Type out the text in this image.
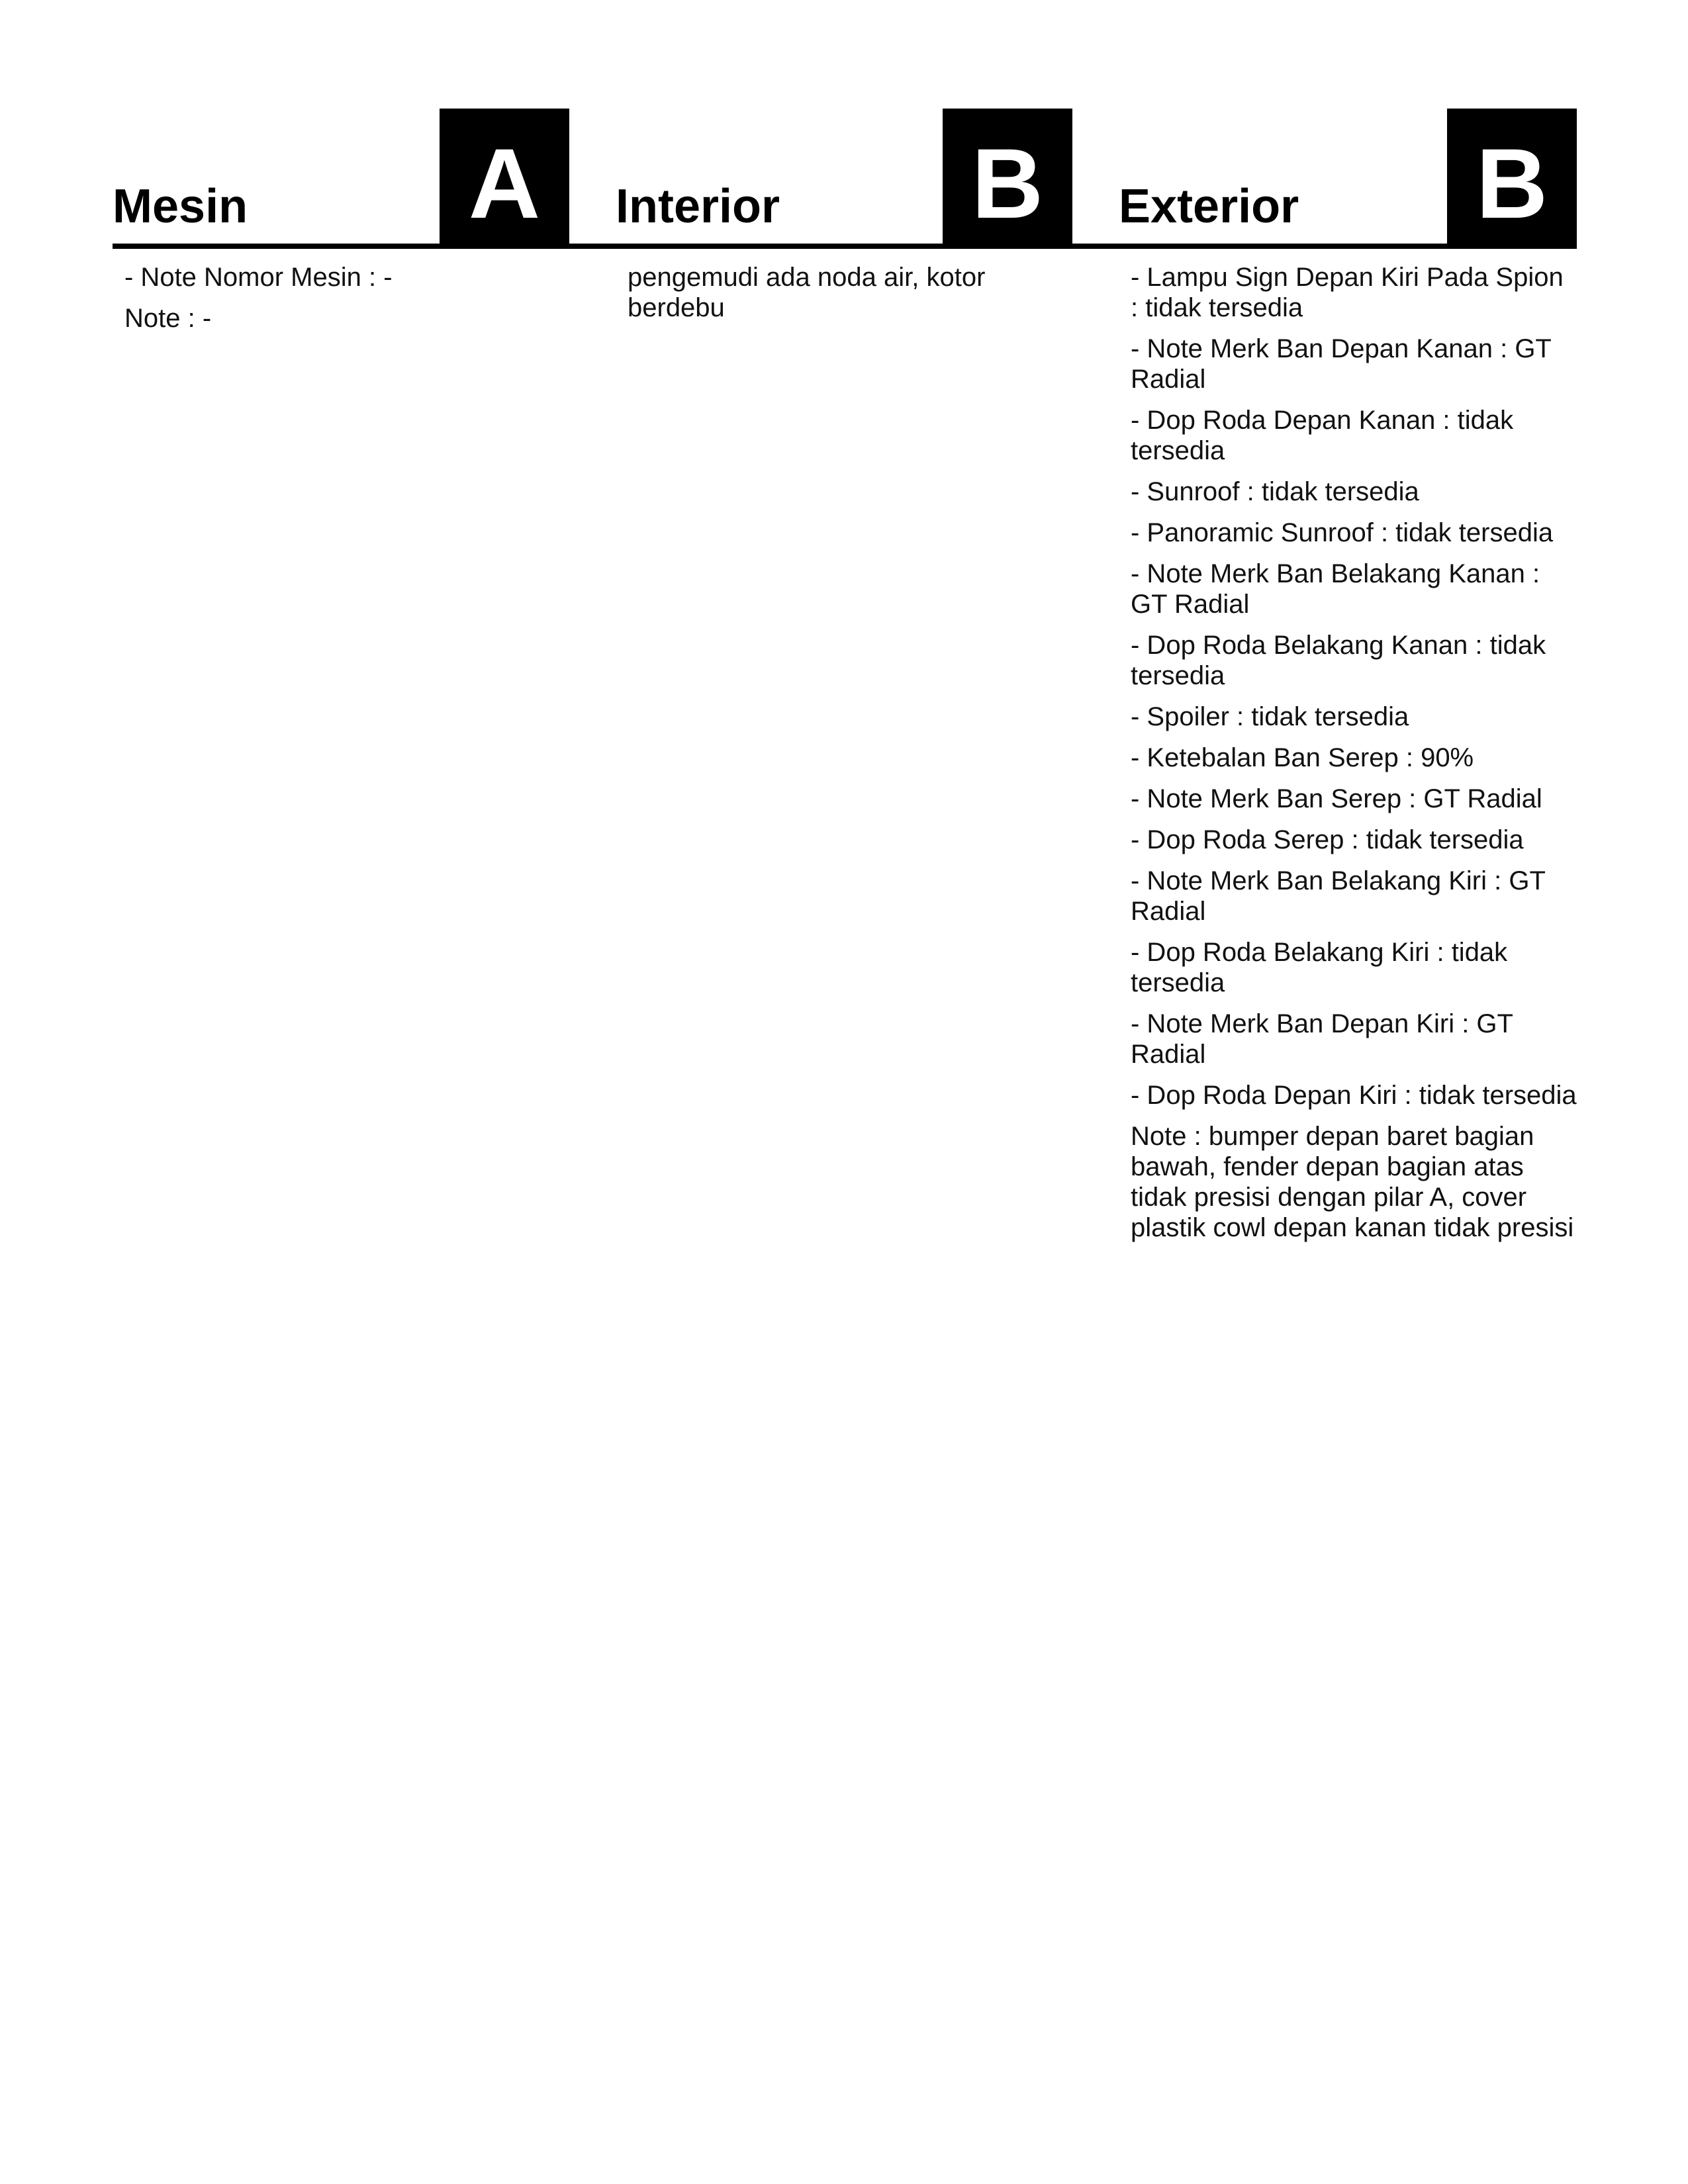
Mesin A
- Note Nomor Mesin : -
Note : -
Interior B
pengemudi ada noda air, kotor berdebu
Exterior B
- Lampu Sign Depan Kiri Pada Spion : tidak tersedia
- Note Merk Ban Depan Kanan : GT Radial
- Dop Roda Depan Kanan : tidak tersedia
- Sunroof : tidak tersedia
- Panoramic Sunroof : tidak tersedia
- Note Merk Ban Belakang Kanan : GT Radial
- Dop Roda Belakang Kanan : tidak tersedia
- Spoiler : tidak tersedia
- Ketebalan Ban Serep : 90%
- Note Merk Ban Serep : GT Radial
- Dop Roda Serep : tidak tersedia
- Note Merk Ban Belakang Kiri : GT Radial
- Dop Roda Belakang Kiri : tidak tersedia
- Note Merk Ban Depan Kiri : GT Radial
- Dop Roda Depan Kiri : tidak tersedia
Note : bumper depan baret bagian bawah, fender depan bagian atas tidak presisi dengan pilar A, cover plastik cowl depan kanan tidak presisi
